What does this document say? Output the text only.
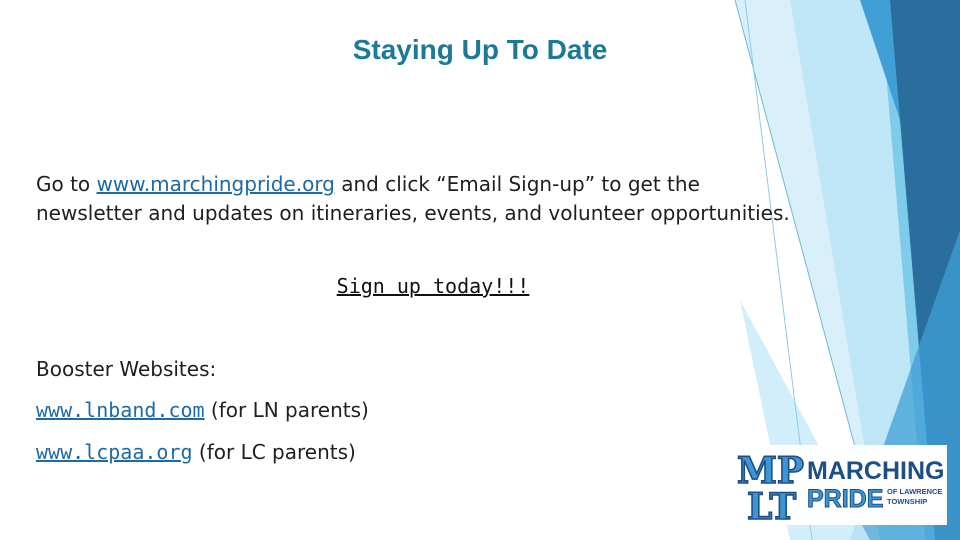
Staying Up To Date

Go to www.marchingpride.org and click “Email Sign-up” to get the newsletter and updates on itineraries, events, and volunteer opportunities.

Sign up today!!!
Booster Websites:
www.lnband.com (for LN parents)
www.lcpaa.org (for LC parents)	MP
LT
MARCHING
PRIDE OF LAWRENCE
TOWNSHIP
